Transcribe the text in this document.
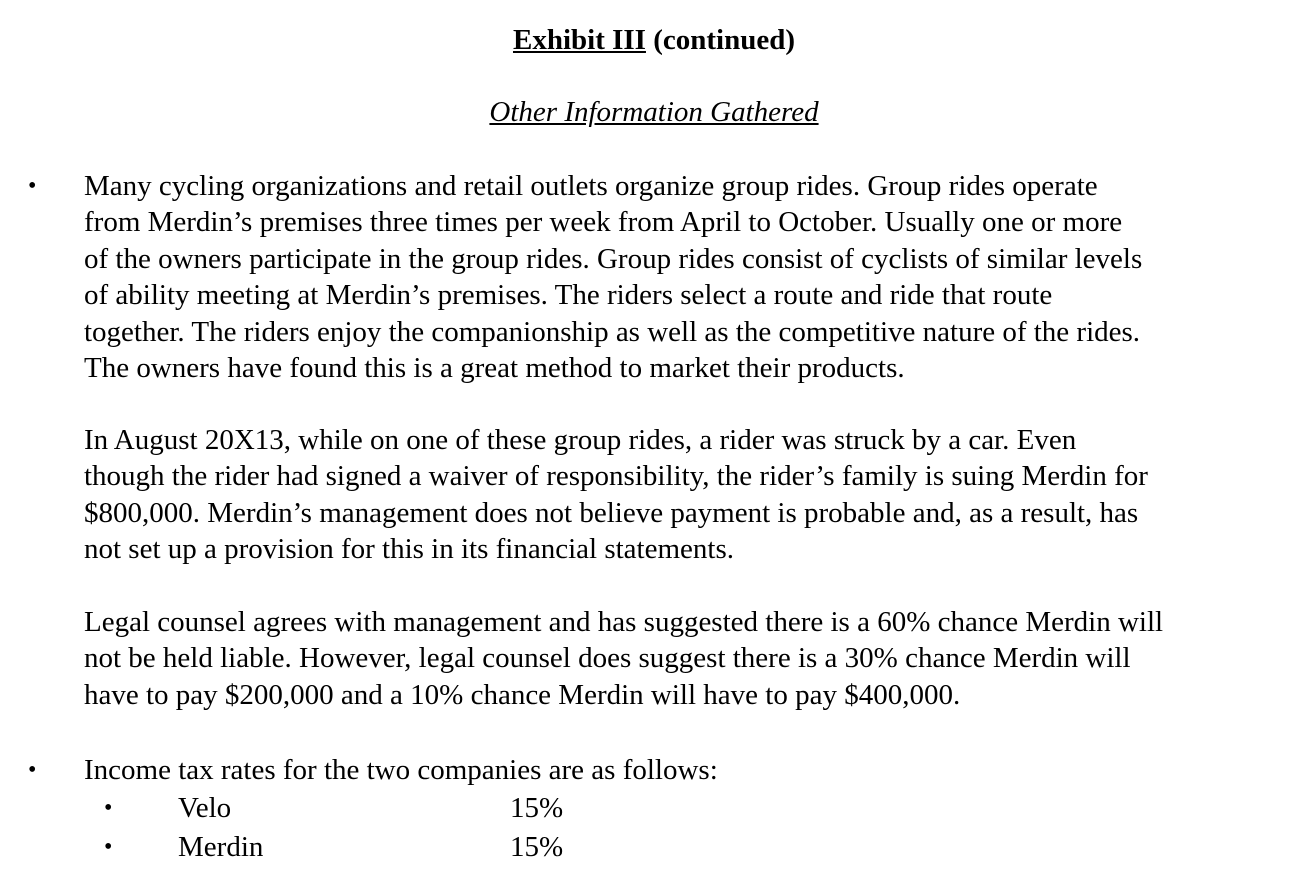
Exhibit III (continued)
Other Information Gathered
• Many cycling organizations and retail outlets organize group rides. Group rides operate
from Merdin’s premises three times per week from April to October. Usually one or more
of the owners participate in the group rides. Group rides consist of cyclists of similar levels
of ability meeting at Merdin’s premises. The riders select a route and ride that route
together. The riders enjoy the companionship as well as the competitive nature of the rides.
The owners have found this is a great method to market their products.
In August 20X13, while on one of these group rides, a rider was struck by a car. Even
though the rider had signed a waiver of responsibility, the rider’s family is suing Merdin for
$800,000. Merdin’s management does not believe payment is probable and, as a result, has
not set up a provision for this in its financial statements.
Legal counsel agrees with management and has suggested there is a 60% chance Merdin will
not be held liable. However, legal counsel does suggest there is a 30% chance Merdin will
have to pay $200,000 and a 10% chance Merdin will have to pay $400,000.
• Income tax rates for the two companies are as follows:
• Velo	15%
• Merdin	15%
